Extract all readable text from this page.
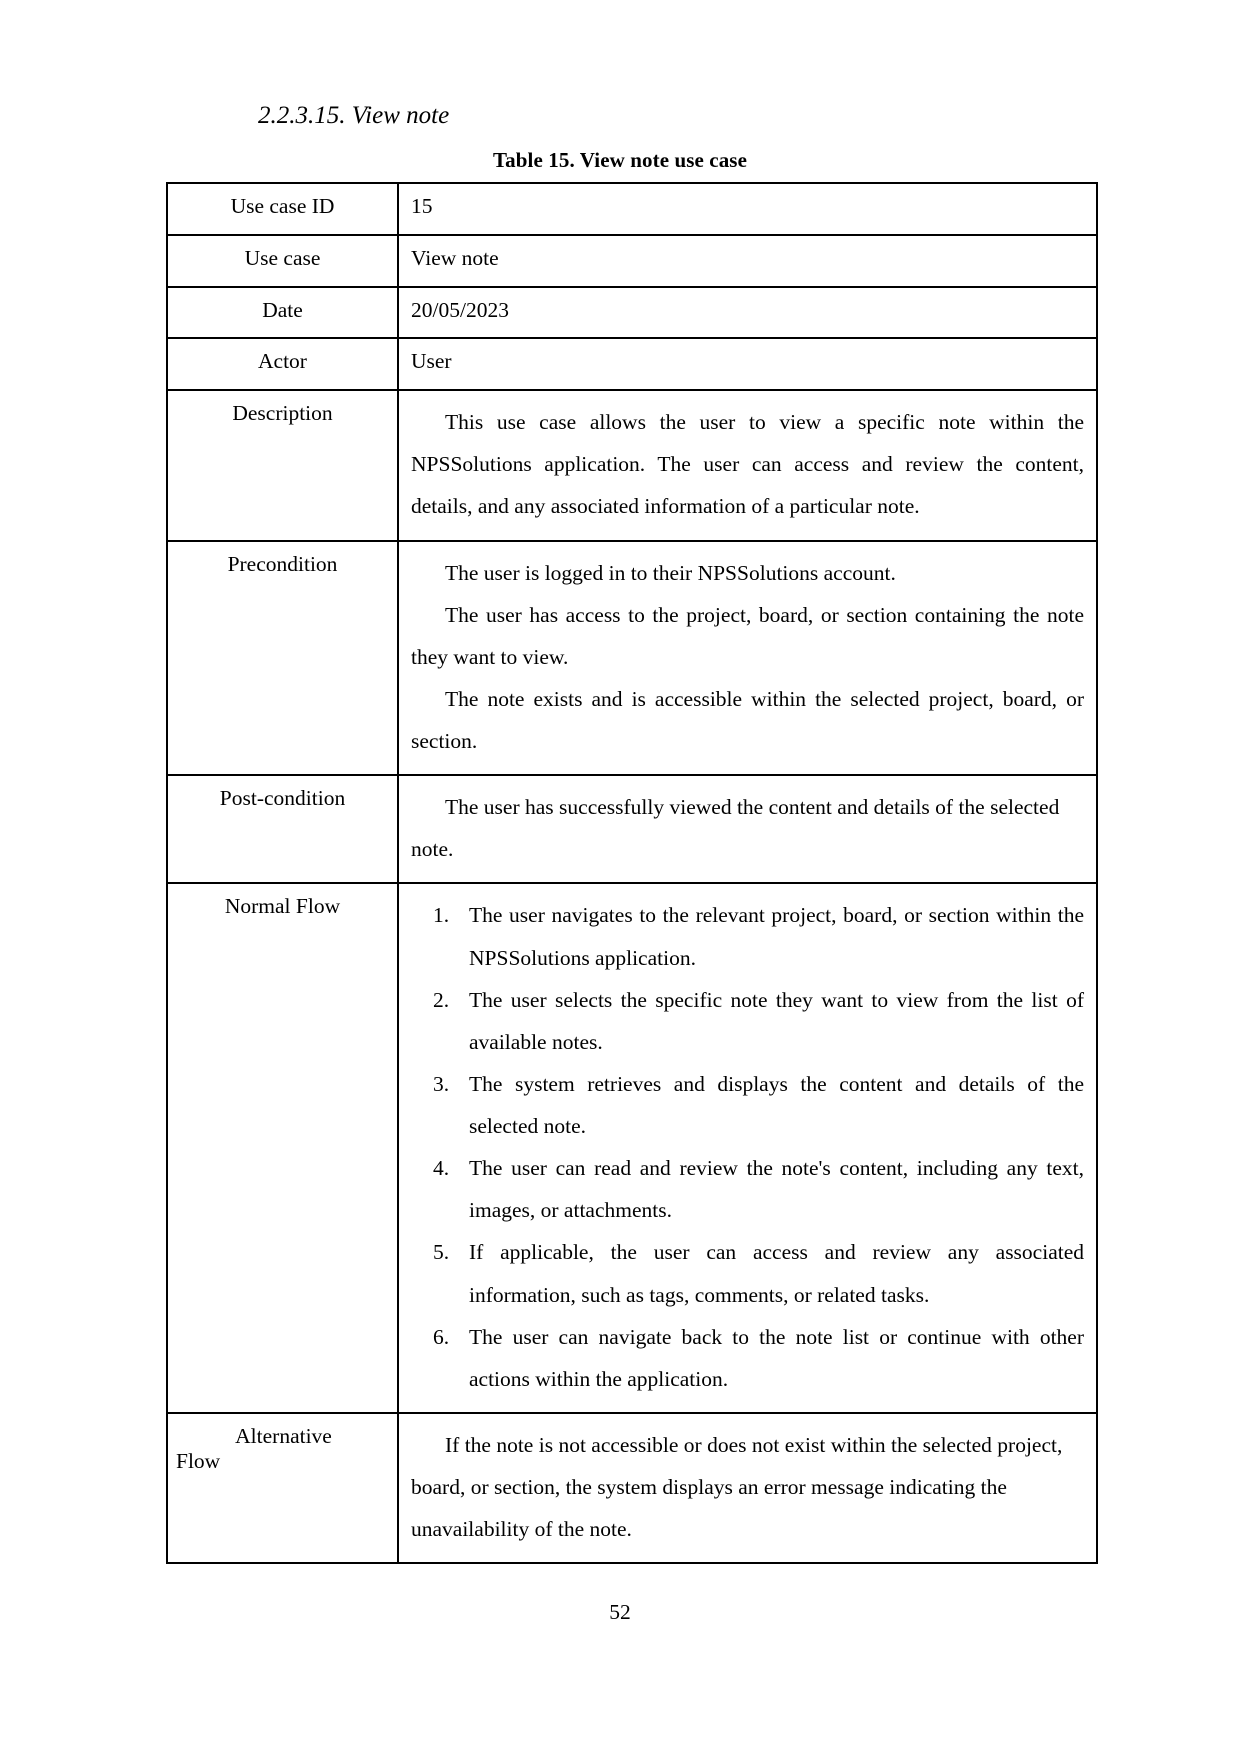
2.2.3.15. View note
Table 15. View note use case
Use case ID	15

Use case	View note

Date	20/05/2023

Actor	User

Description	This use case allows the user to view a specific note within the NPSSolutions application. The user can access and review the content, details, and any associated information of a particular note.

Precondition	The user is logged in to their NPSSolutions account.

The user has access to the project, board, or section containing the note they want to view.

The note exists and is accessible within the selected project, board, or section.

Post-condition	The user has successfully viewed the content and details of the selected note.

Normal Flow	The user navigates to the relevant project, board, or section within the NPSSolutions application.
The user selects the specific note they want to view from the list of available notes.
The system retrieves and displays the content and details of the selected note.
The user can read and review the note's content, including any text, images, or attachments.
If applicable, the user can access and review any associated information, such as tags, comments, or related tasks.
The user can navigate back to the note list or continue with other actions within the application.

Alternative
Flow	If the note is not accessible or does not exist within the selected project, board, or section, the system displays an error message indicating the unavailability of the note.

52
